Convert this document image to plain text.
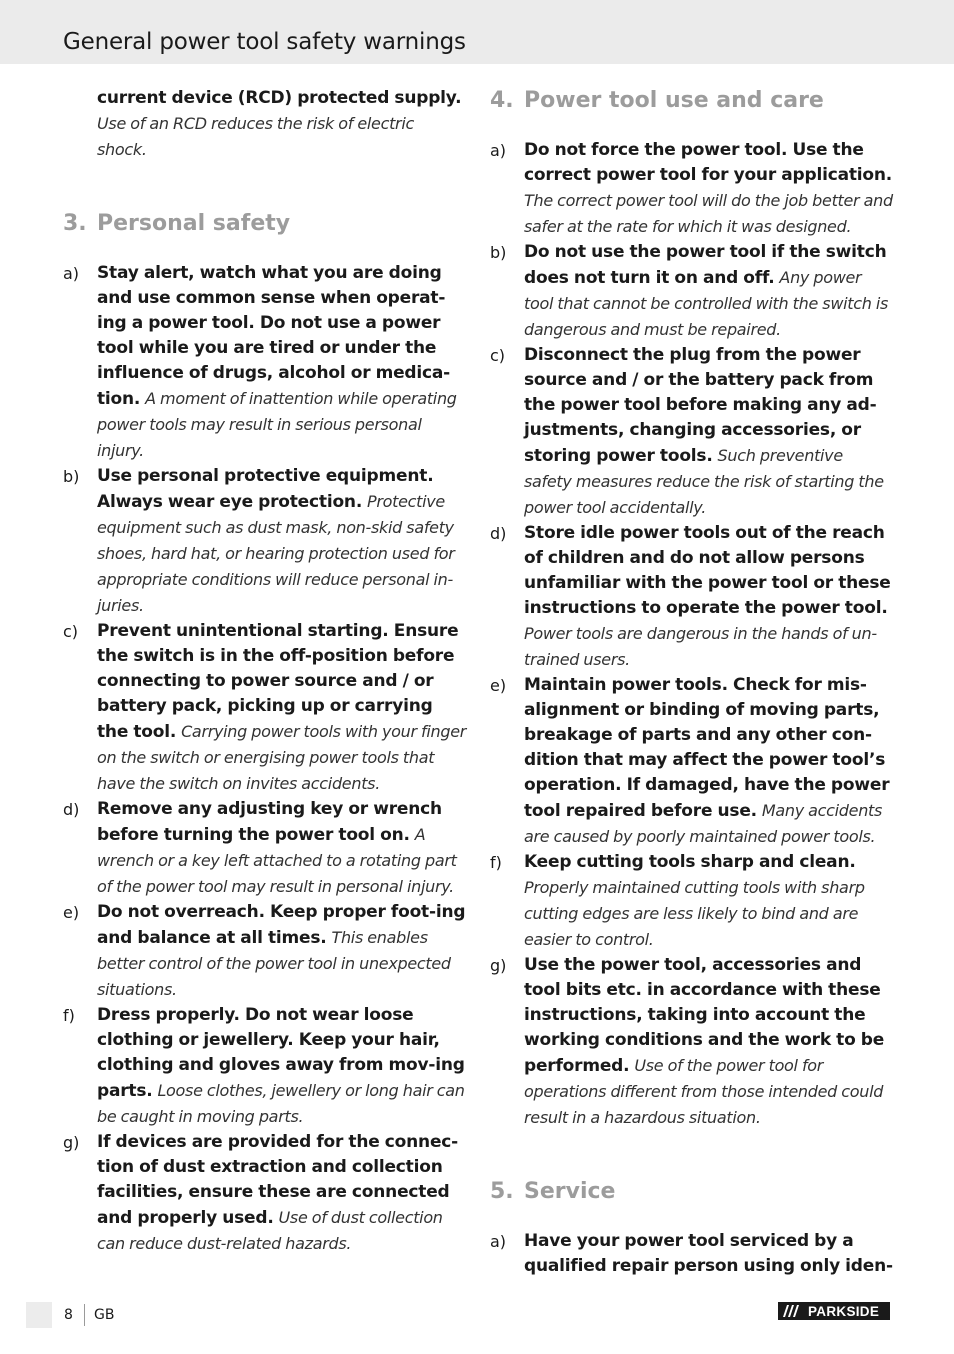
General power tool safety warnings
current device (RCD) protected supply.
Use of an RCD reduces the risk of electric shock.
3. Personal safety
a)	Stay alert, watch what you are doing and use common sense when operat-ing a power tool. Do not use a power tool while you are tired or under the influence of drugs, alcohol or medica-tion. A moment of inattention while operating power tools may result in serious personal injury.
b)	Use personal protective equipment. Always wear eye protection. Protective equipment such as dust mask, non-skid safety shoes, hard hat, or hearing protection used for appropriate conditions will reduce personal in-juries.
c)	Prevent unintentional starting. Ensure the switch is in the off-position before connecting to power source and / or battery pack, picking up or carrying the tool. Carrying power tools with your finger on the switch or energising power tools that have the switch on invites accidents.
d)	Remove any adjusting key or wrench before turning the power tool on. A wrench or a key left attached to a rotating part of the power tool may result in personal injury.
e)	Do not overreach. Keep proper foot-ing and balance at all times. This enables better control of the power tool in unexpected situations.
f)	Dress properly. Do not wear loose clothing or jewellery. Keep your hair, clothing and gloves away from mov-ing parts. Loose clothes, jewellery or long hair can be caught in moving parts.
g)	If devices are provided for the connec-tion of dust extraction and collection facilities, ensure these are connected and properly used. Use of dust collection can reduce dust-related hazards.
4. Power tool use and care
a)	Do not force the power tool. Use the correct power tool for your application. The correct power tool will do the job better and safer at the rate for which it was designed.
b)	Do not use the power tool if the switch does not turn it on and off. Any power tool that cannot be controlled with the switch is dangerous and must be repaired.
c)	Disconnect the plug from the power source and / or the battery pack from the power tool before making any ad-justments, changing accessories, or storing power tools. Such preventive safety measures reduce the risk of starting the power tool accidentally.
d)	Store idle power tools out of the reach of children and do not allow persons unfamiliar with the power tool or these instructions to operate the power tool. Power tools are dangerous in the hands of un-trained users.
e)	Maintain power tools. Check for mis-alignment or binding of moving parts, breakage of parts and any other con-dition that may affect the power tool’s operation. If damaged, have the power tool repaired before use. Many accidents are caused by poorly maintained power tools.
f)	Keep cutting tools sharp and clean. Properly maintained cutting tools with sharp cutting edges are less likely to bind and are easier to control.
g)	Use the power tool, accessories and tool bits etc. in accordance with these instructions, taking into account the working conditions and the work to be performed. Use of the power tool for operations different from those intended could result in a hazardous situation.
5. Service
a)	Have your power tool serviced by a qualified repair person using only iden-
8 GB	PARKSIDE
